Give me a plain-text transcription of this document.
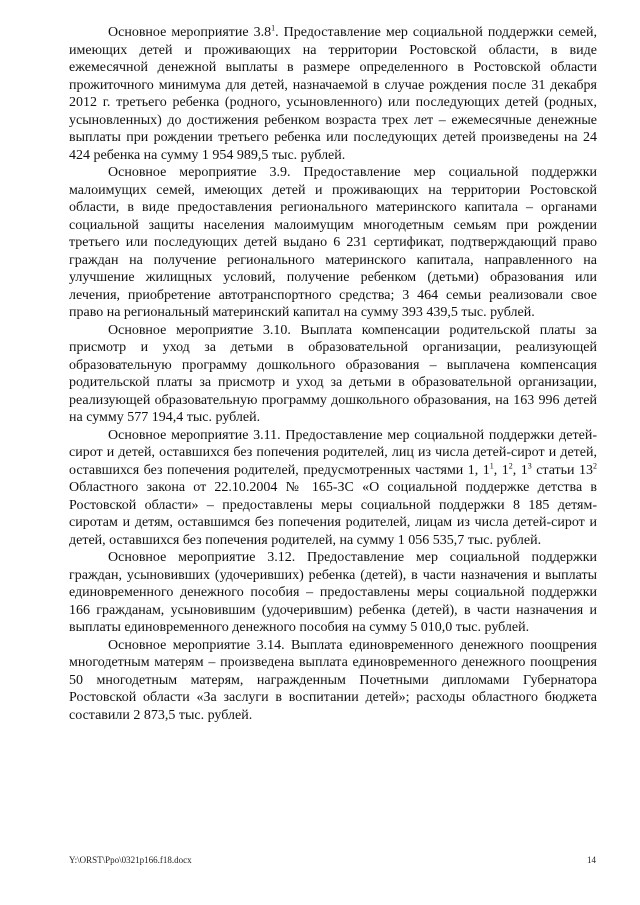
Основное мероприятие $3.8^1$. Предоставление мер социальной поддержки семей, имеющих детей и проживающих на территории Ростовской области, в виде ежемесячной денежной выплаты в размере определенного в Ростовской области прожиточного минимума для детей, назначаемой в случае рождения после 31 декабря 2012 г. третьего ребенка (родного, усыновленного) или последующих детей (родных, усыновленных) до достижения ребенком возраста трех лет – ежемесячные денежные выплаты при рождении третьего ребенка или последующих детей произведены на 24 424 ребенка на сумму 1 954 989,5 тыс. рублей.

Основное мероприятие 3.9. Предоставление мер социальной поддержки малоимущих семей, имеющих детей и проживающих на территории Ростовской области, в виде предоставления регионального материнского капитала – органами социальной защиты населения малоимущим многодетным семьям при рождении третьего или последующих детей выдано 6 231 сертификат, подтверждающий право граждан на получение регионального материнского капитала, направленного на улучшение жилищных условий, получение ребенком (детьми) образования или лечения, приобретение автотранспортного средства; 3 464 семьи реализовали свое право на региональный материнский капитал на сумму 393 439,5 тыс. рублей.

Основное мероприятие 3.10. Выплата компенсации родительской платы за присмотр и уход за детьми в образовательной организации, реализующей образовательную программу дошкольного образования – выплачена компенсация родительской платы за присмотр и уход за детьми в образовательной организации, реализующей образовательную программу дошкольного образования, на 163 996 детей на сумму 577 194,4 тыс. рублей.

Основное мероприятие 3.11. Предоставление мер социальной поддержки детей-сирот и детей, оставшихся без попечения родителей, лиц из числа детей-сирот и детей, оставшихся без попечения родителей, предусмотренных частями 1, $1^1$, $1^2$, $1^3$ статьи $13^2$ Областного закона от 22.10.2004 № 165-ЗС «О социальной поддержке детства в Ростовской области» – предоставлены меры социальной поддержки 8 185 детям-сиротам и детям, оставшимся без попечения родителей, лицам из числа детей-сирот и детей, оставшихся без попечения родителей, на сумму 1 056 535,7 тыс. рублей.

Основное мероприятие 3.12. Предоставление мер социальной поддержки граждан, усыновивших (удочеривших) ребенка (детей), в части назначения и выплаты единовременного денежного пособия – предоставлены меры социальной поддержки 166 гражданам, усыновившим (удочерившим) ребенка (детей), в части назначения и выплаты единовременного денежного пособия на сумму 5 010,0 тыс. рублей.

Основное мероприятие 3.14. Выплата единовременного денежного поощрения многодетным матерям – произведена выплата единовременного денежного поощрения 50 многодетным матерям, награжденным Почетными дипломами Губернатора Ростовской области «За заслуги в воспитании детей»; расходы областного бюджета составили 2 873,5 тыс. рублей.

Y:\ORST\Ppo\0321p166.f18.docx	14
